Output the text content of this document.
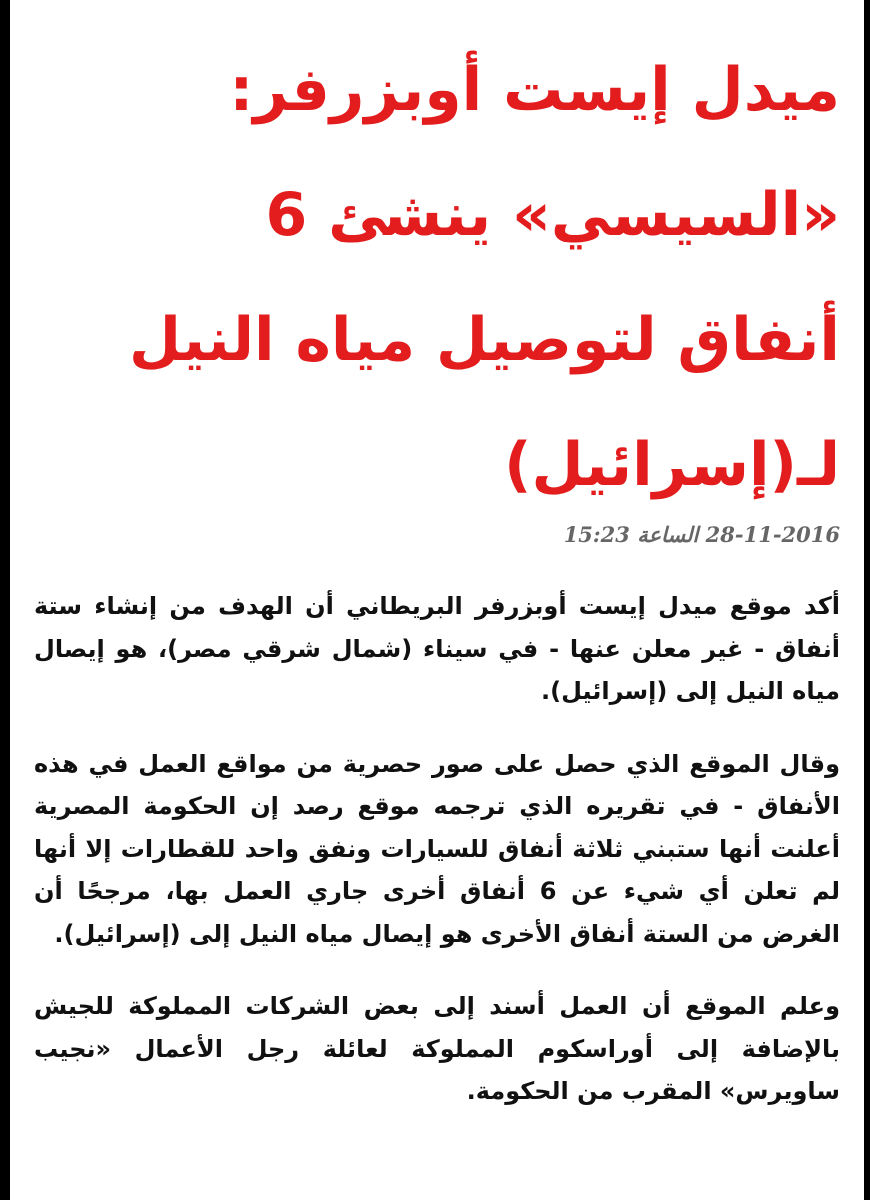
ميدل إيست أوبزرفر:
«السيسي» ينشئ 6
أنفاق لتوصيل مياه النيل
لـ(إسرائيل)
28-11-2016 الساعة 15:23

أكد موقع ميدل إيست أوبزرفر البريطاني أن الهدف من إنشاء ستة أنفاق - غير معلن عنها - في سيناء (شمال شرقي مصر)، هو إيصال مياه النيل إلى (إسرائيل).

وقال الموقع الذي حصل على صور حصرية من مواقع العمل في هذه الأنفاق - في تقريره الذي ترجمه موقع رصد إن الحكومة المصرية أعلنت أنها ستبني ثلاثة أنفاق للسيارات ونفق واحد للقطارات إلا أنها لم تعلن أي شيء عن 6 أنفاق أخرى جاري العمل بها، مرجحًا أن الغرض من الستة أنفاق الأخرى هو إيصال مياه النيل إلى (إسرائيل).

وعلم الموقع أن العمل أسند إلى بعض الشركات المملوكة للجيش بالإضافة إلى أوراسكوم المملوكة لعائلة رجل الأعمال «نجيب ساويرس» المقرب من الحكومة.
